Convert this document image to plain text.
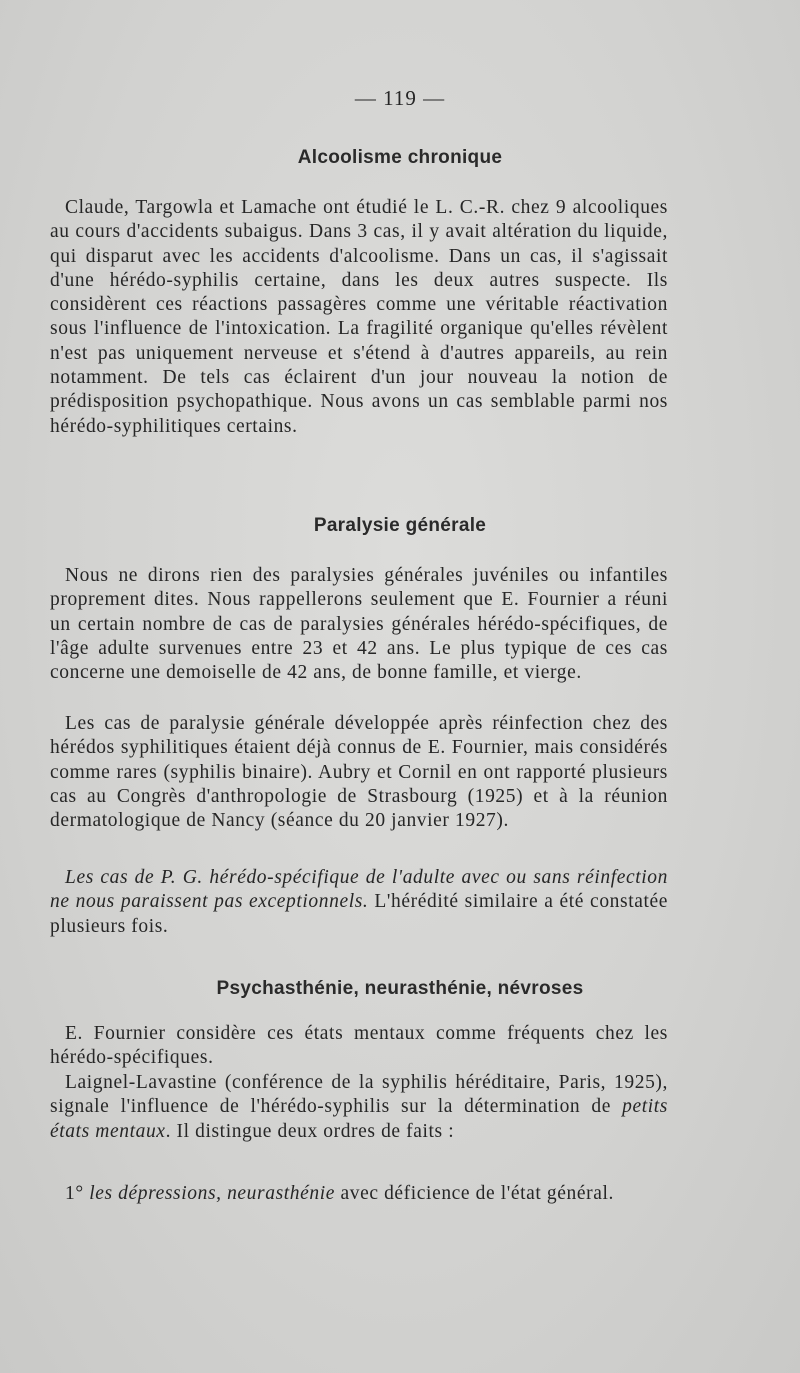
— 119 —
Alcoolisme chronique
Claude, Targowla et Lamache ont étudié le L. C.-R. chez 9 alcooliques au cours d'accidents subaigus. Dans 3 cas, il y avait altération du liquide, qui disparut avec les accidents d'alcoolisme. Dans un cas, il s'agissait d'une hérédo-syphilis certaine, dans les deux autres suspecte. Ils considèrent ces réactions passagères comme une véritable réactivation sous l'influence de l'intoxication. La fragilité organique qu'elles révèlent n'est pas uniquement nerveuse et s'étend à d'autres appareils, au rein notamment. De tels cas éclairent d'un jour nouveau la notion de prédisposition psychopathique. Nous avons un cas semblable parmi nos hérédo-syphilitiques certains.
Paralysie générale
Nous ne dirons rien des paralysies générales juvéniles ou infantiles proprement dites. Nous rappellerons seulement que E. Fournier a réuni un certain nombre de cas de paralysies générales hérédo-spécifiques, de l'âge adulte survenues entre 23 et 42 ans. Le plus typique de ces cas concerne une demoiselle de 42 ans, de bonne famille, et vierge.
Les cas de paralysie générale développée après réinfection chez des hérédos syphilitiques étaient déjà connus de E. Fournier, mais considérés comme rares (syphilis binaire). Aubry et Cornil en ont rapporté plusieurs cas au Congrès d'anthropologie de Strasbourg (1925) et à la réunion dermatologique de Nancy (séance du 20 janvier 1927).
Les cas de P. G. hérédo-spécifique de l'adulte avec ou sans réinfection ne nous paraissent pas exceptionnels. L'hérédité similaire a été constatée plusieurs fois.
Psychasthénie, neurasthénie, névroses
E. Fournier considère ces états mentaux comme fréquents chez les hérédo-spécifiques.
Laignel-Lavastine (conférence de la syphilis héréditaire, Paris, 1925), signale l'influence de l'hérédo-syphilis sur la détermination de petits états mentaux. Il distingue deux ordres de faits :
1° les dépressions, neurasthénie avec déficience de l'état général.
